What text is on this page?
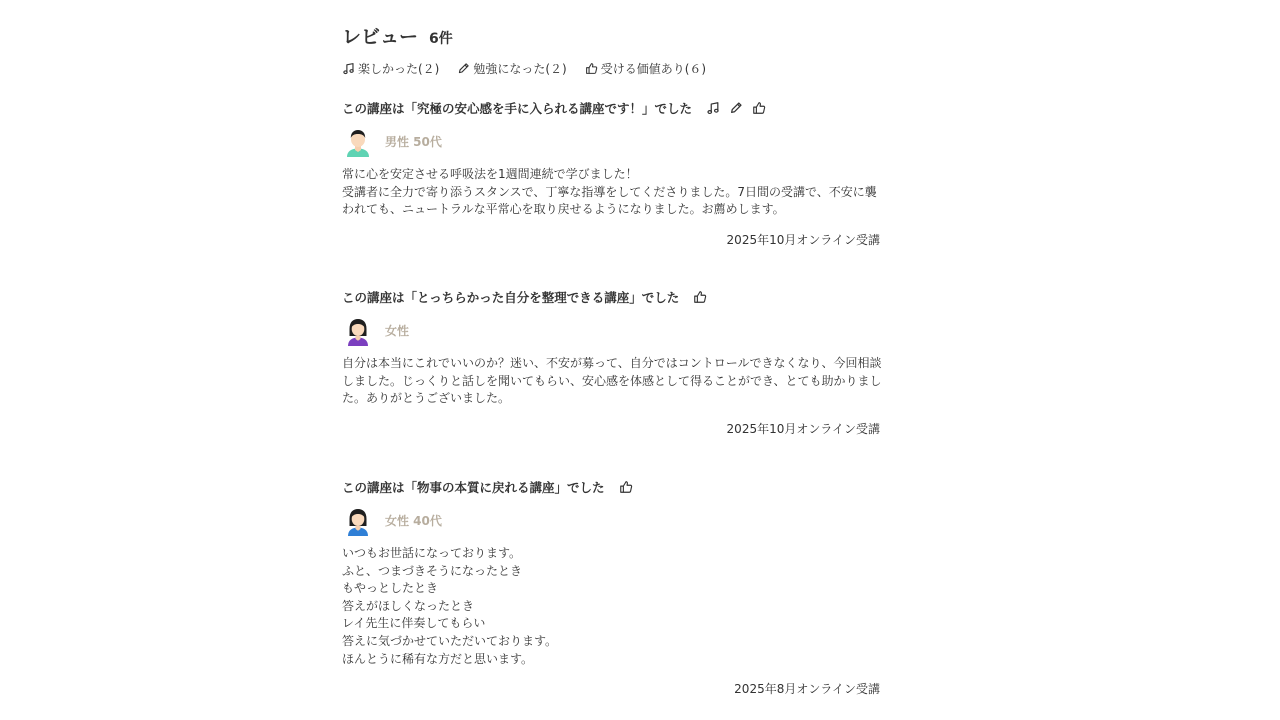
レビュー 6件
楽しかった(２)	勉強になった(２)	受ける価値あり(６)
この講座は「究極の安心感を手に入られる講座です！」でした
男性 50代
常に心を安定させる呼吸法を1週間連続で学びました！
受講者に全力で寄り添うスタンスで、丁寧な指導をしてくださりました。7日間の受講で、不安に襲われても、ニュートラルな平常心を取り戻せるようになりました。お薦めします。
2025年10月オンライン受講
この講座は「とっちらかった自分を整理できる講座」でした
女性
自分は本当にこれでいいのか？迷い、不安が募って、自分ではコントロールできなくなり、今回相談しました。じっくりと話しを聞いてもらい、安心感を体感として得ることができ、とても助かりました。ありがとうございました。
2025年10月オンライン受講
この講座は「物事の本質に戻れる講座」でした
女性 40代
いつもお世話になっております。
ふと、つまづきそうになったとき
もやっとしたとき
答えがほしくなったとき
レイ先生に伴奏してもらい
答えに気づかせていただいております。
ほんとうに稀有な方だと思います。
2025年8月オンライン受講
